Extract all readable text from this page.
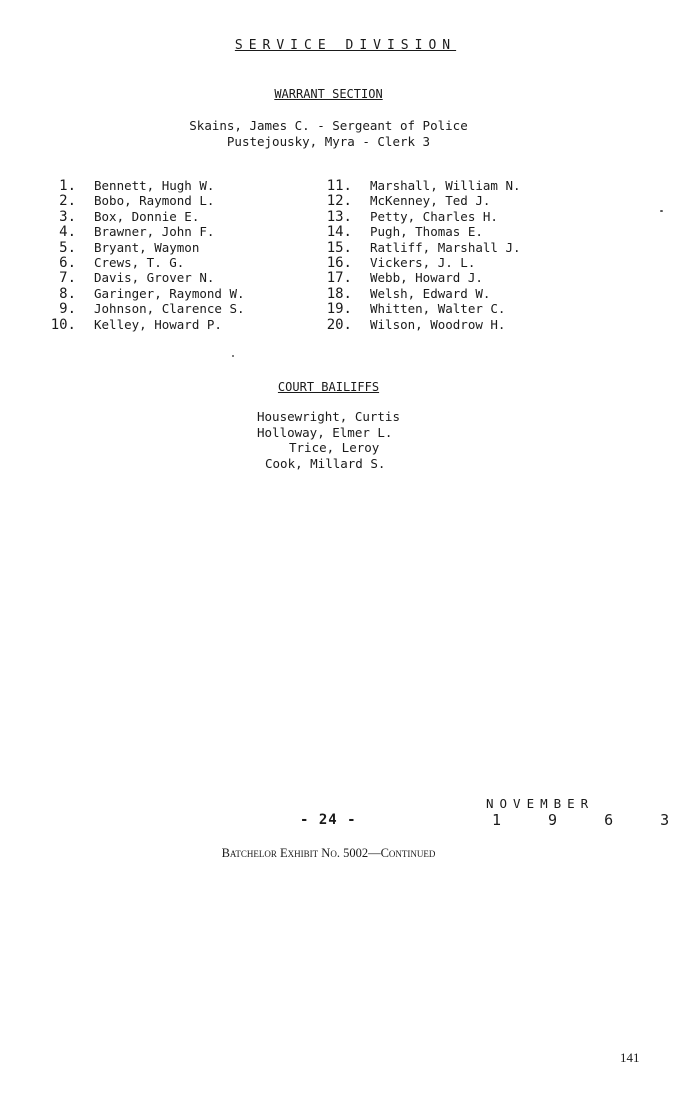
SERVICE DIVISION
WARRANT SECTION
Skains, James C. - Sergeant of Police
Pustejousky, Myra - Clerk 3
1. Bennett, Hugh W.
2. Bobo, Raymond L.
3. Box, Donnie E.
4. Brawner, John F.
5. Bryant, Waymon
6. Crews, T. G.
7. Davis, Grover N.
8. Garinger, Raymond W.
9. Johnson, Clarence S.
10. Kelley, Howard P.
11. Marshall, William N.
12. McKenney, Ted J.
13. Petty, Charles H.
14. Pugh, Thomas E.
15. Ratliff, Marshall J.
16. Vickers, J. L.
17. Webb, Howard J.
18. Welsh, Edward W.
19. Whitten, Walter C.
20. Wilson, Woodrow H.
COURT BAILIFFS
Housewright, Curtis
Holloway, Elmer L.
Trice, Leroy
Cook, Millard S.
- 24 -
NOVEMBER
1 9 6 3
Batchelor Exhibit No. 5002—Continued
141
